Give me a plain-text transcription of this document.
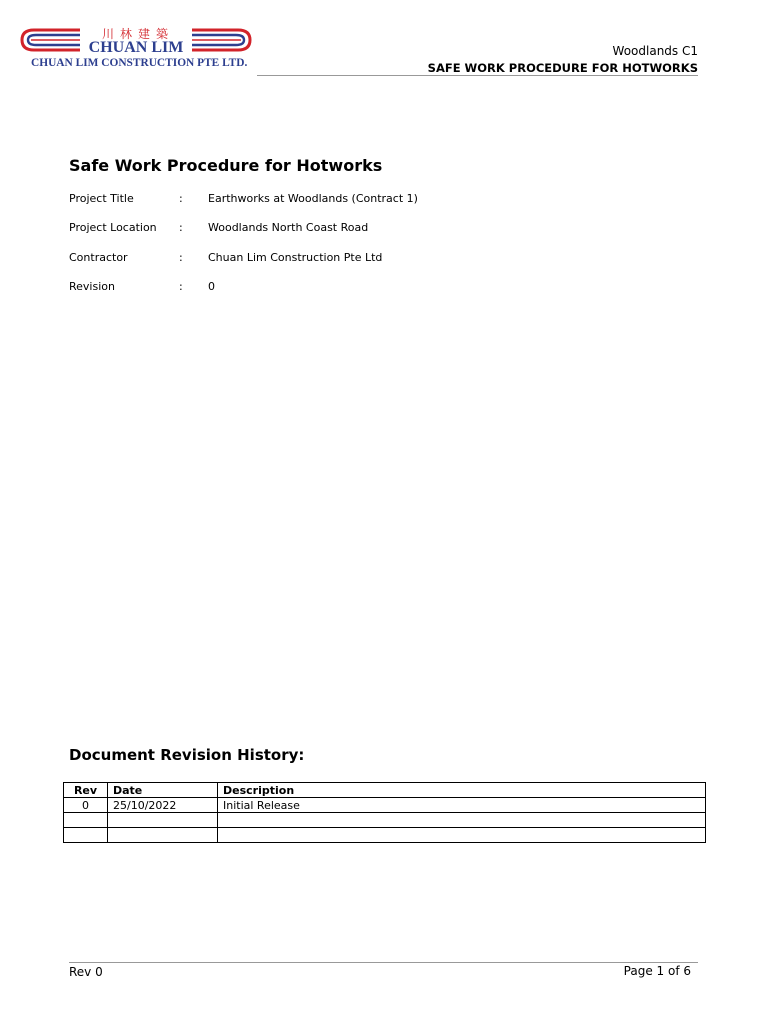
川林建築
CHUAN LIM
CHUAN LIM CONSTRUCTION PTE LTD.
Woodlands C1
SAFE WORK PROCEDURE FOR HOTWORKS
Safe Work Procedure for Hotworks
Project Title	: Earthworks at Woodlands (Contract 1)
Project Location : Woodlands North Coast Road
Contractor	: Chuan Lim Construction Pte Ltd
Revision	: 0
Document Revision History:
Rev	Date	Description
0	25/10/2022	Initial Release

Rev 0	Page 1 of 6
